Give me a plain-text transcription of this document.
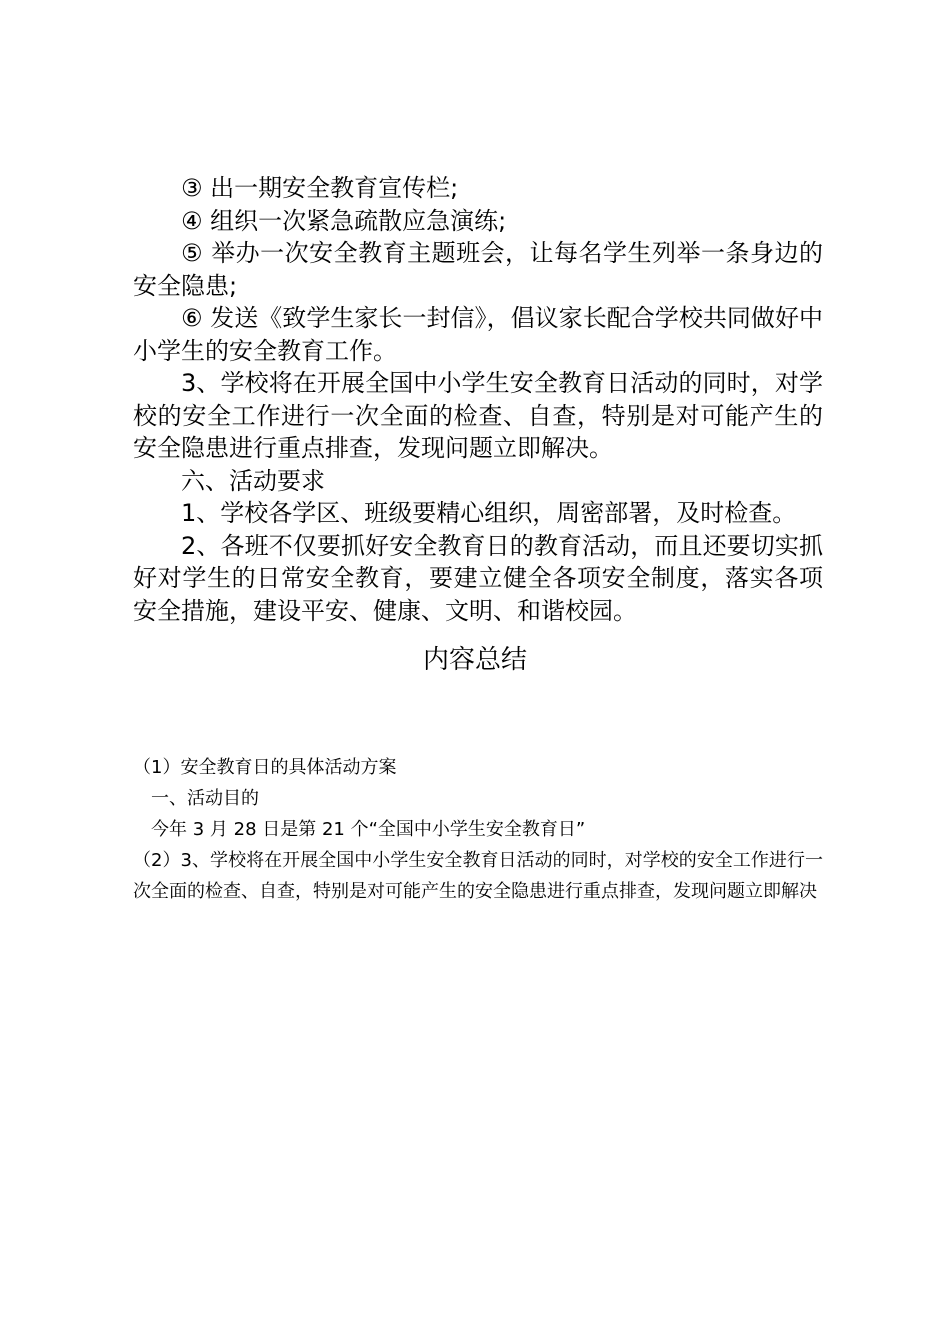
③ 出一期安全教育宣传栏;

④ 组织一次紧急疏散应急演练;

⑤ 举办一次安全教育主题班会，让每名学生列举一条身边的安全隐患;

⑥ 发送《致学生家长一封信》，倡议家长配合学校共同做好中小学生的安全教育工作。

3、学校将在开展全国中小学生安全教育日活动的同时，对学校的安全工作进行一次全面的检查、自查，特别是对可能产生的安全隐患进行重点排查，发现问题立即解决。

六、活动要求

1、学校各学区、班级要精心组织，周密部署，及时检查。

2、各班不仅要抓好安全教育日的教育活动，而且还要切实抓好对学生的日常安全教育，要建立健全各项安全制度，落实各项安全措施，建设平安、健康、文明、和谐校园。

内容总结

（1）安全教育日的具体活动方案

一、活动目的

今年 3 月 28 日是第 21 个“全国中小学生安全教育日”

（2）3、学校将在开展全国中小学生安全教育日活动的同时，对学校的安全工作进行一次全面的检查、自查，特别是对可能产生的安全隐患进行重点排查，发现问题立即解决
